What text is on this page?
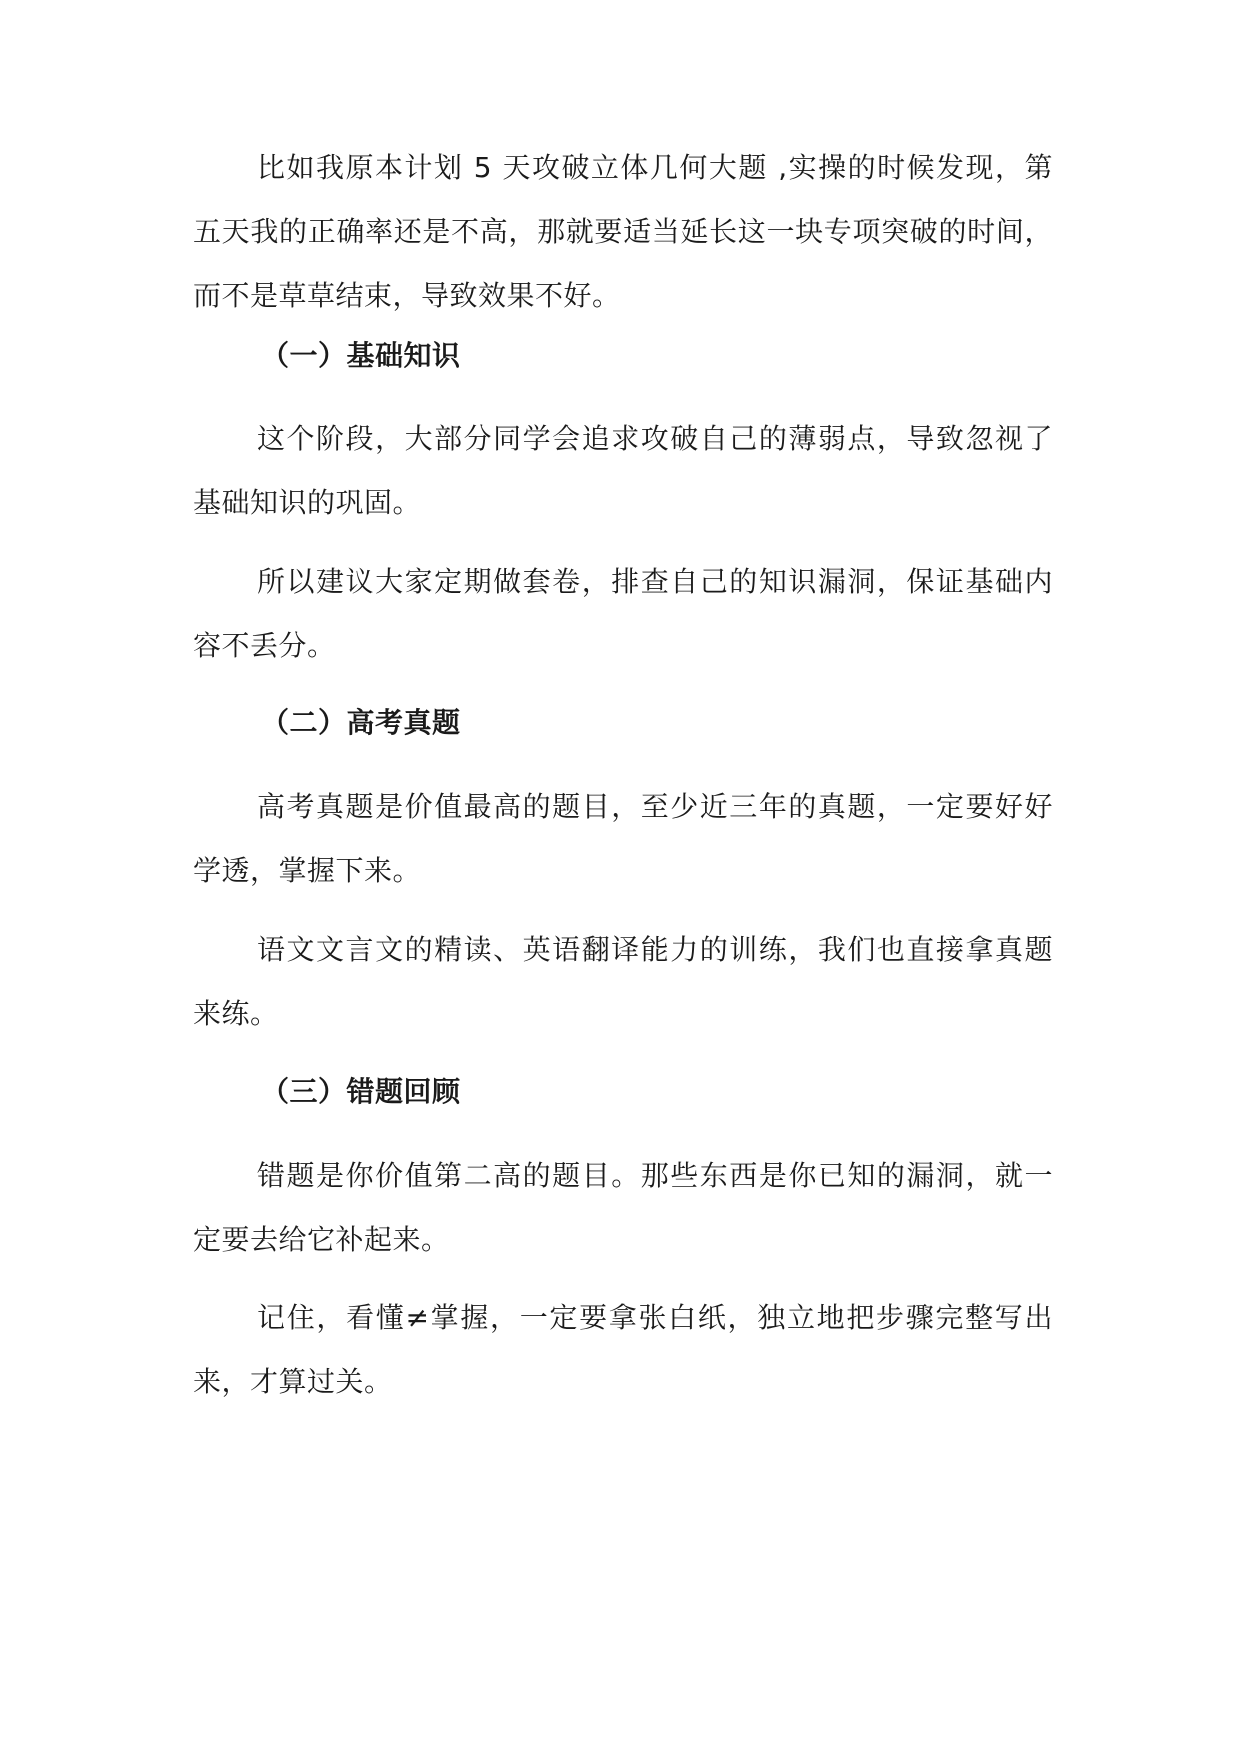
比如我原本计划 5 天攻破立体几何大题 ,实操的时候发现，第五天我的正确率还是不高，那就要适当延长这一块专项突破的时间，而不是草草结束，导致效果不好。

（一）基础知识

这个阶段，大部分同学会追求攻破自己的薄弱点，导致忽视了基础知识的巩固。

所以建议大家定期做套卷，排查自己的知识漏洞，保证基础内容不丢分。

（二）高考真题

高考真题是价值最高的题目，至少近三年的真题，一定要好好学透，掌握下来。

语文文言文的精读、英语翻译能力的训练，我们也直接拿真题来练。

（三）错题回顾

错题是你价值第二高的题目。那些东西是你已知的漏洞，就一定要去给它补起来。

记住，看懂≠掌握，一定要拿张白纸，独立地把步骤完整写出来，才算过关。
